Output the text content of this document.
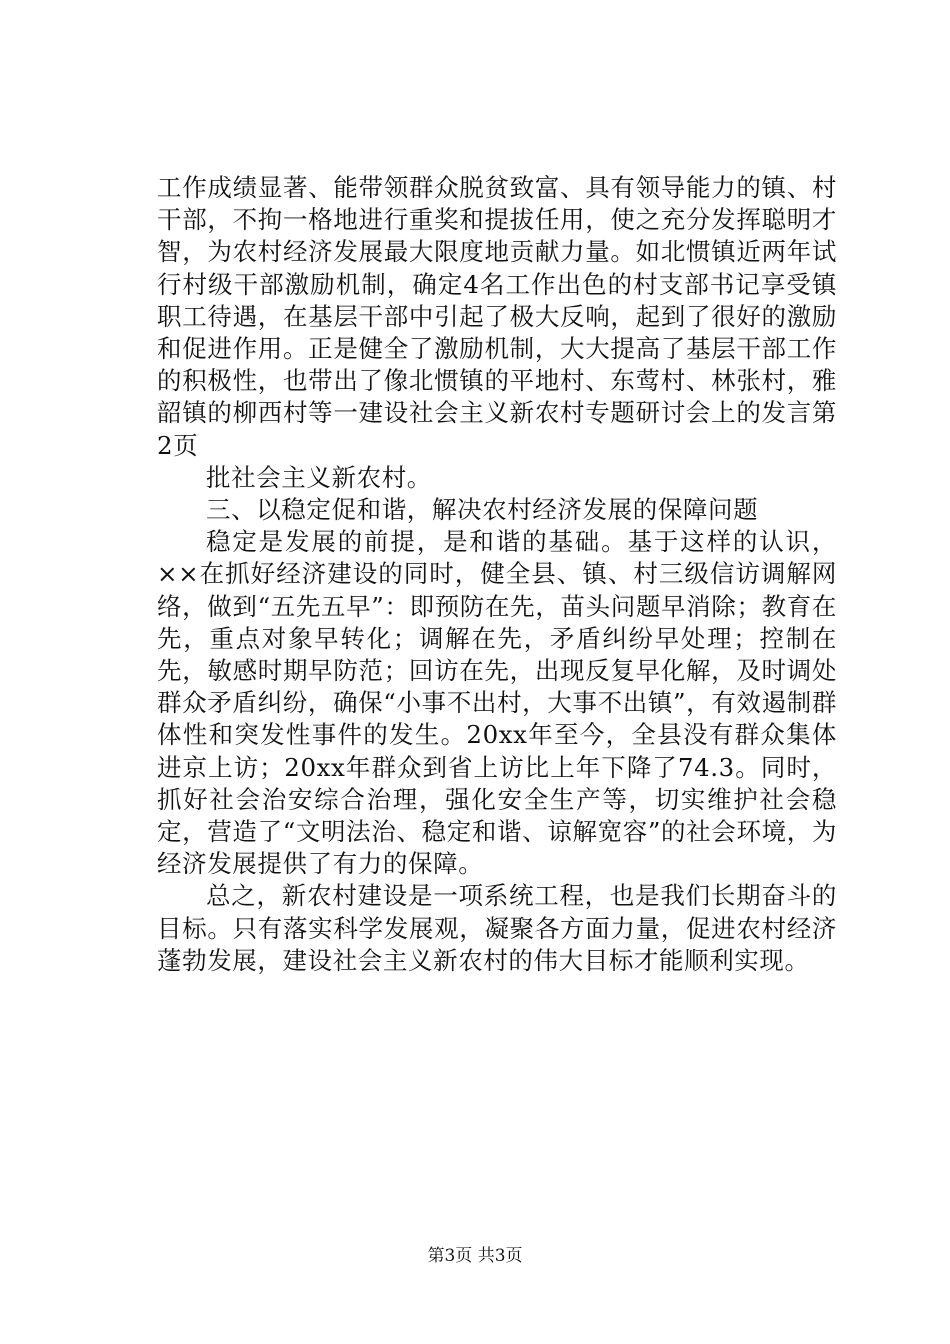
工作成绩显著、能带领群众脱贫致富、具有领导能力的镇、村干部，不拘一格地进行重奖和提拔任用，使之充分发挥聪明才智，为农村经济发展最大限度地贡献力量。如北惯镇近两年试行村级干部激励机制，确定4名工作出色的村支部书记享受镇职工待遇，在基层干部中引起了极大反响，起到了很好的激励和促进作用。正是健全了激励机制，大大提高了基层干部工作的积极性，也带出了像北惯镇的平地村、东莺村、林张村，雅韶镇的柳西村等一建设社会主义新农村专题研讨会上的发言第2页

批社会主义新农村。

三、以稳定促和谐，解决农村经济发展的保障问题

稳定是发展的前提，是和谐的基础。基于这样的认识，××在抓好经济建设的同时，健全县、镇、村三级信访调解网络，做到“五先五早”：即预防在先，苗头问题早消除；教育在先，重点对象早转化；调解在先，矛盾纠纷早处理；控制在先，敏感时期早防范；回访在先，出现反复早化解，及时调处群众矛盾纠纷，确保“小事不出村，大事不出镇”，有效遏制群体性和突发性事件的发生。20xx年至今，全县没有群众集体进京上访；20xx年群众到省上访比上年下降了74.3。同时，抓好社会治安综合治理，强化安全生产等，切实维护社会稳定，营造了“文明法治、稳定和谐、谅解宽容”的社会环境，为经济发展提供了有力的保障。

总之，新农村建设是一项系统工程，也是我们长期奋斗的目标。只有落实科学发展观，凝聚各方面力量，促进农村经济蓬勃发展，建设社会主义新农村的伟大目标才能顺利实现。

第3页 共3页
